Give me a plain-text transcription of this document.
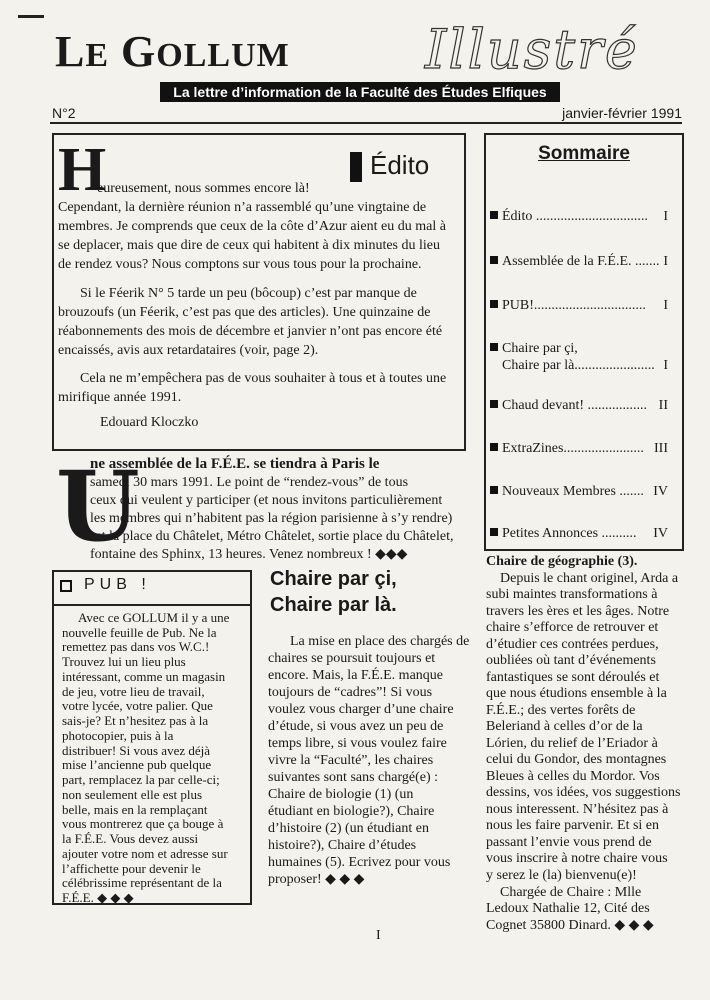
LE GOLLUM	Illustré
La lettre d’information de la Faculté des Études Elfiques
N°2	janvier-février 1991
Édito
H
eureusement, nous sommes encore là!
Cependant, la dernière réunion n’a rassemblé qu’une vingtaine de
membres. Je comprends que ceux de la côte d’Azur aient eu du mal à
se deplacer, mais que dire de ceux qui habitent à dix minutes du lieu
de rendez vous? Nous comptons sur vous tous pour la prochaine.
Si le Féerik N° 5 tarde un peu (bôcoup) c’est par manque de
brouzoufs (un Féerik, c’est pas que des articles). Une quinzaine de
réabonnements des mois de décembre et janvier n’ont pas encore été
encaissés, avis aux retardataires (voir, page 2).
Cela ne m’empêchera pas de vous souhaiter à tous et à toutes une
mirifique année 1991.
Edouard Kloczko
Sommaire
Édito ................................ I
Assemblée de la F.É.E. ....... I
PUB!................................ I
Chaire par çi,
Chaire par là....................... I
Chaud devant! ................. II
ExtraZines....................... III
Nouveaux Membres ....... IV
Petites Annonces .......... IV
U
ne assemblée de la F.É.E. se tiendra à Paris le
samedi 30 mars 1991. Le point de “rendez-vous” de tous
ceux qui veulent y participer (et nous invitons particulièrement
les membres qui n’habitent pas la région parisienne à s’y rendre)
est la place du Châtelet, Métro Châtelet, sortie place du Châtelet,
fontaine des Sphinx, 13 heures. Venez nombreux ! ◆◆◆
PUB !
Avec ce GOLLUM il y a une
nouvelle feuille de Pub. Ne la
remettez pas dans vos W.C.!
Trouvez lui un lieu plus
intéressant, comme un magasin
de jeu, votre lieu de travail,
votre lycée, votre palier. Que
sais-je? Et n’hesitez pas à la
photocopier, puis à la
distribuer! Si vous avez déjà
mise l’ancienne pub quelque
part, remplacez la par celle-ci;
non seulement elle est plus
belle, mais en la remplaçant
vous montrerez que ça bouge à
la F.É.E. Vous devez aussi
ajouter votre nom et adresse sur
l’affichette pour devenir le
célébrissime représentant de la
F.É.E. ◆ ◆ ◆
Chaire par çi,
Chaire par là.
La mise en place des chargés de
chaires se poursuit toujours et
encore. Mais, la F.É.E. manque
toujours de “cadres”! Si vous
voulez vous charger d’une chaire
d’étude, si vous avez un peu de
temps libre, si vous voulez faire
vivre la “Faculté”, les chaires
suivantes sont sans chargé(e) :
Chaire de biologie (1) (un
étudiant en biologie?), Chaire
d’histoire (2) (un étudiant en
histoire?), Chaire d’études
humaines (5). Ecrivez pour vous
proposer! ◆ ◆ ◆
Chaire de géographie (3).
Depuis le chant originel, Arda a
subi maintes transformations à
travers les ères et les âges. Notre
chaire s’efforce de retrouver et
d’étudier ces contrées perdues,
oubliées où tant d’événements
fantastiques se sont déroulés et
que nous étudions ensemble à la
F.É.E.; des vertes forêts de
Beleriand à celles d’or de la
Lórien, du relief de l’Eriador à
celui du Gondor, des montagnes
Bleues à celles du Mordor. Vos
dessins, vos idées, vos suggestions
nous interessent. N’hésitez pas à
nous les faire parvenir. Et si en
passant l’envie vous prend de
vous inscrire à notre chaire vous
y serez le (la) bienvenu(e)!
Chargée de Chaire : Mlle
Ledoux Nathalie 12, Cité des
Cognet 35800 Dinard. ◆ ◆ ◆
I
